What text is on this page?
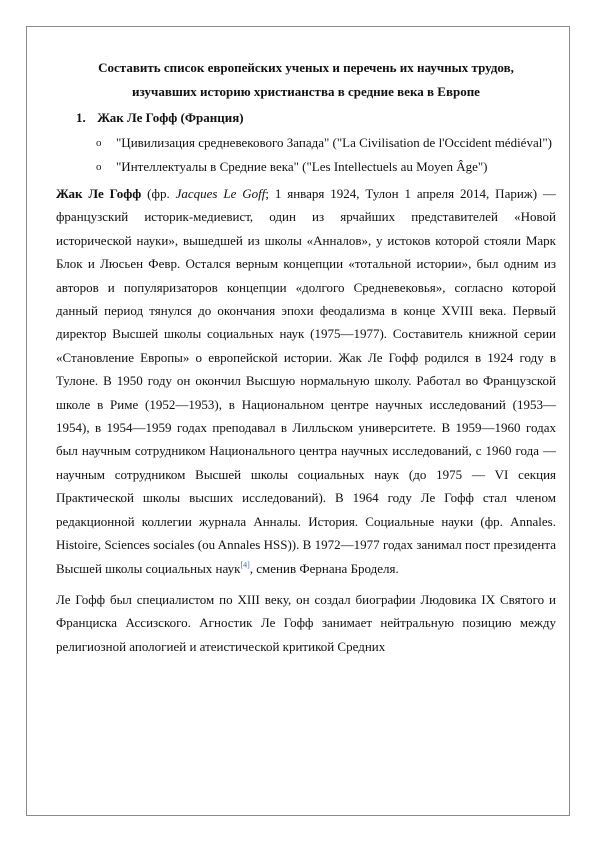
Составить список европейских ученых и перечень их научных трудов, изучавших историю христианства в средние века в Европе
1. Жак Ле Гофф (Франция)
o "Цивилизация средневекового Запада" ("La Civilisation de l'Occident médiéval")
o "Интеллектуалы в Средние века" ("Les Intellectuels au Moyen Âge")

Жак Ле Гофф (фр. Jacques Le Goff; 1 января 1924, Тулон 1 апреля 2014, Париж) — французский историк-медиевист, один из ярчайших представителей «Новой исторической науки», вышедшей из школы «Анналов», у истоков которой стояли Марк Блок и Люсьен Февр. Остался верным концепции «тотальной истории», был одним из авторов и популяризаторов концепции «долгого Средневековья», согласно которой данный период тянулся до окончания эпохи феодализма в конце XVIII века. Первый директор Высшей школы социальных наук (1975—1977). Составитель книжной серии «Становление Европы» о европейской истории. Жак Ле Гофф родился в 1924 году в Тулоне. В 1950 году он окончил Высшую нормальную школу. Работал во Французской школе в Риме (1952—1953), в Национальном центре научных исследований (1953—1954), в 1954—1959 годах преподавал в Лилльском университете. В 1959—1960 годах был научным сотрудником Национального центра научных исследований, с 1960 года — научным сотрудником Высшей школы социальных наук (до 1975 — VI секция Практической школы высших исследований). В 1964 году Ле Гофф стал членом редакционной коллегии журнала Анналы. История. Социальные науки (фр. Annales. Histoire, Sciences sociales (ou Annales HSS)). В 1972—1977 годах занимал пост президента Высшей школы социальных наук[4], сменив Фернана Броделя.

Ле Гофф был специалистом по XIII веку, он создал биографии Людовика IX Святого и Франциска Ассизского. Агностик Ле Гофф занимает нейтральную позицию между религиозной апологией и атеистической критикой Средних
